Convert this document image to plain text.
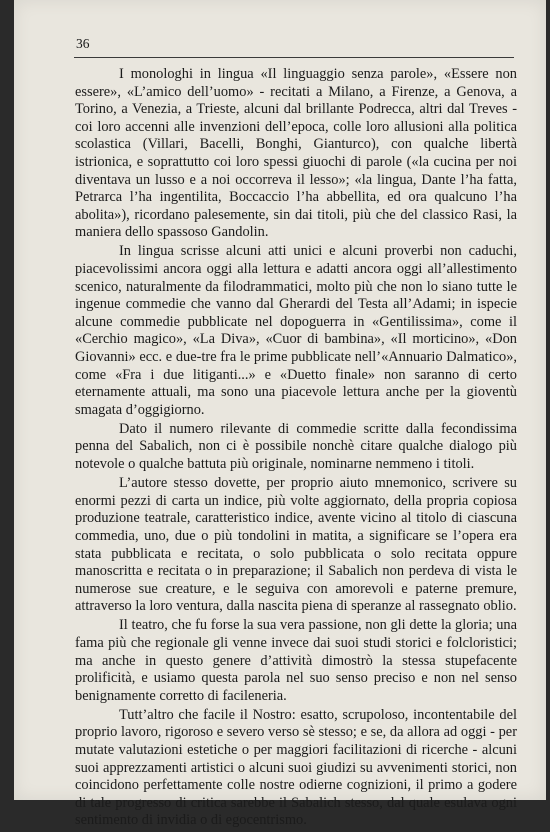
36

I monologhi in lingua «Il linguaggio senza parole», «Essere non essere», «L’amico dell’uomo» - recitati a Milano, a Firenze, a Genova, a Torino, a Venezia, a Trieste, alcuni dal brillante Podrecca, altri dal Treves - coi loro accenni alle invenzioni dell’epoca, colle loro allusioni alla politica scolastica (Villari, Bacelli, Bonghi, Gianturco), con qualche libertà istrionica, e soprattutto coi loro spessi giuochi di parole («la cucina per noi diventava un lusso e a noi occorreva il lesso»; «la lingua, Dante l’ha fatta, Petrarca l’ha ingentilita, Boccaccio l’ha abbellita, ed ora qualcuno l’ha abolita»), ricordano palesemente, sin dai titoli, più che del classico Rasi, la maniera dello spassoso Gandolin.

In lingua scrisse alcuni atti unici e alcuni proverbi non caduchi, piacevolissimi ancora oggi alla lettura e adatti ancora oggi all’allestimento scenico, naturalmente da filodrammatici, molto più che non lo siano tutte le ingenue commedie che vanno dal Gherardi del Testa all’Adami; in ispecie alcune commedie pubblicate nel dopoguerra in «Gentilissima», come il «Cerchio magico», «La Diva», «Cuor di bambina», «Il morticino», «Don Giovanni» ecc. e due-tre fra le prime pubblicate nell’«Annuario Dalmatico», come «Fra i due litiganti...» e «Duetto finale» non saranno di certo eternamente attuali, ma sono una piacevole lettura anche per la gioventù smagata d’oggigiorno.

Dato il numero rilevante di commedie scritte dalla fecondissima penna del Sabalich, non ci è possibile nonchè citare qualche dialogo più notevole o qualche battuta più originale, nominarne nemmeno i titoli.

L’autore stesso dovette, per proprio aiuto mnemonico, scrivere su enormi pezzi di carta un indice, più volte aggiornato, della propria copiosa produzione teatrale, caratteristico indice, avente vicino al titolo di ciascuna commedia, uno, due o più tondolini in matita, a significare se l’opera era stata pubblicata e recitata, o solo pubblicata o solo recitata oppure manoscritta e recitata o in preparazione; il Sabalich non perdeva di vista le numerose sue creature, e le seguiva con amorevoli e paterne premure, attraverso la loro ventura, dalla nascita piena di speranze al rassegnato oblio.

Il teatro, che fu forse la sua vera passione, non gli dette la gloria; una fama più che regionale gli venne invece dai suoi studi storici e folcloristici; ma anche in questo genere d’attività dimostrò la stessa stupefacente prolificità, e usiamo questa parola nel suo senso preciso e non nel senso benignamente corretto di facileneria.

Tutt’altro che facile il Nostro: esatto, scrupoloso, incontentabile del proprio lavoro, rigoroso e severo verso sè stesso; e se, da allora ad oggi - per mutate valutazioni estetiche o per maggiori facilitazioni di ricerche - alcuni suoi apprezzamenti artistici o alcuni suoi giudizi su avvenimenti storici, non coincidono perfettamente colle nostre odierne cognizioni, il primo a godere di tale progresso di critica sarebbe il Sabalich stesso, dal quale esulava ogni sentimento di invidia o di egocentrismo.
